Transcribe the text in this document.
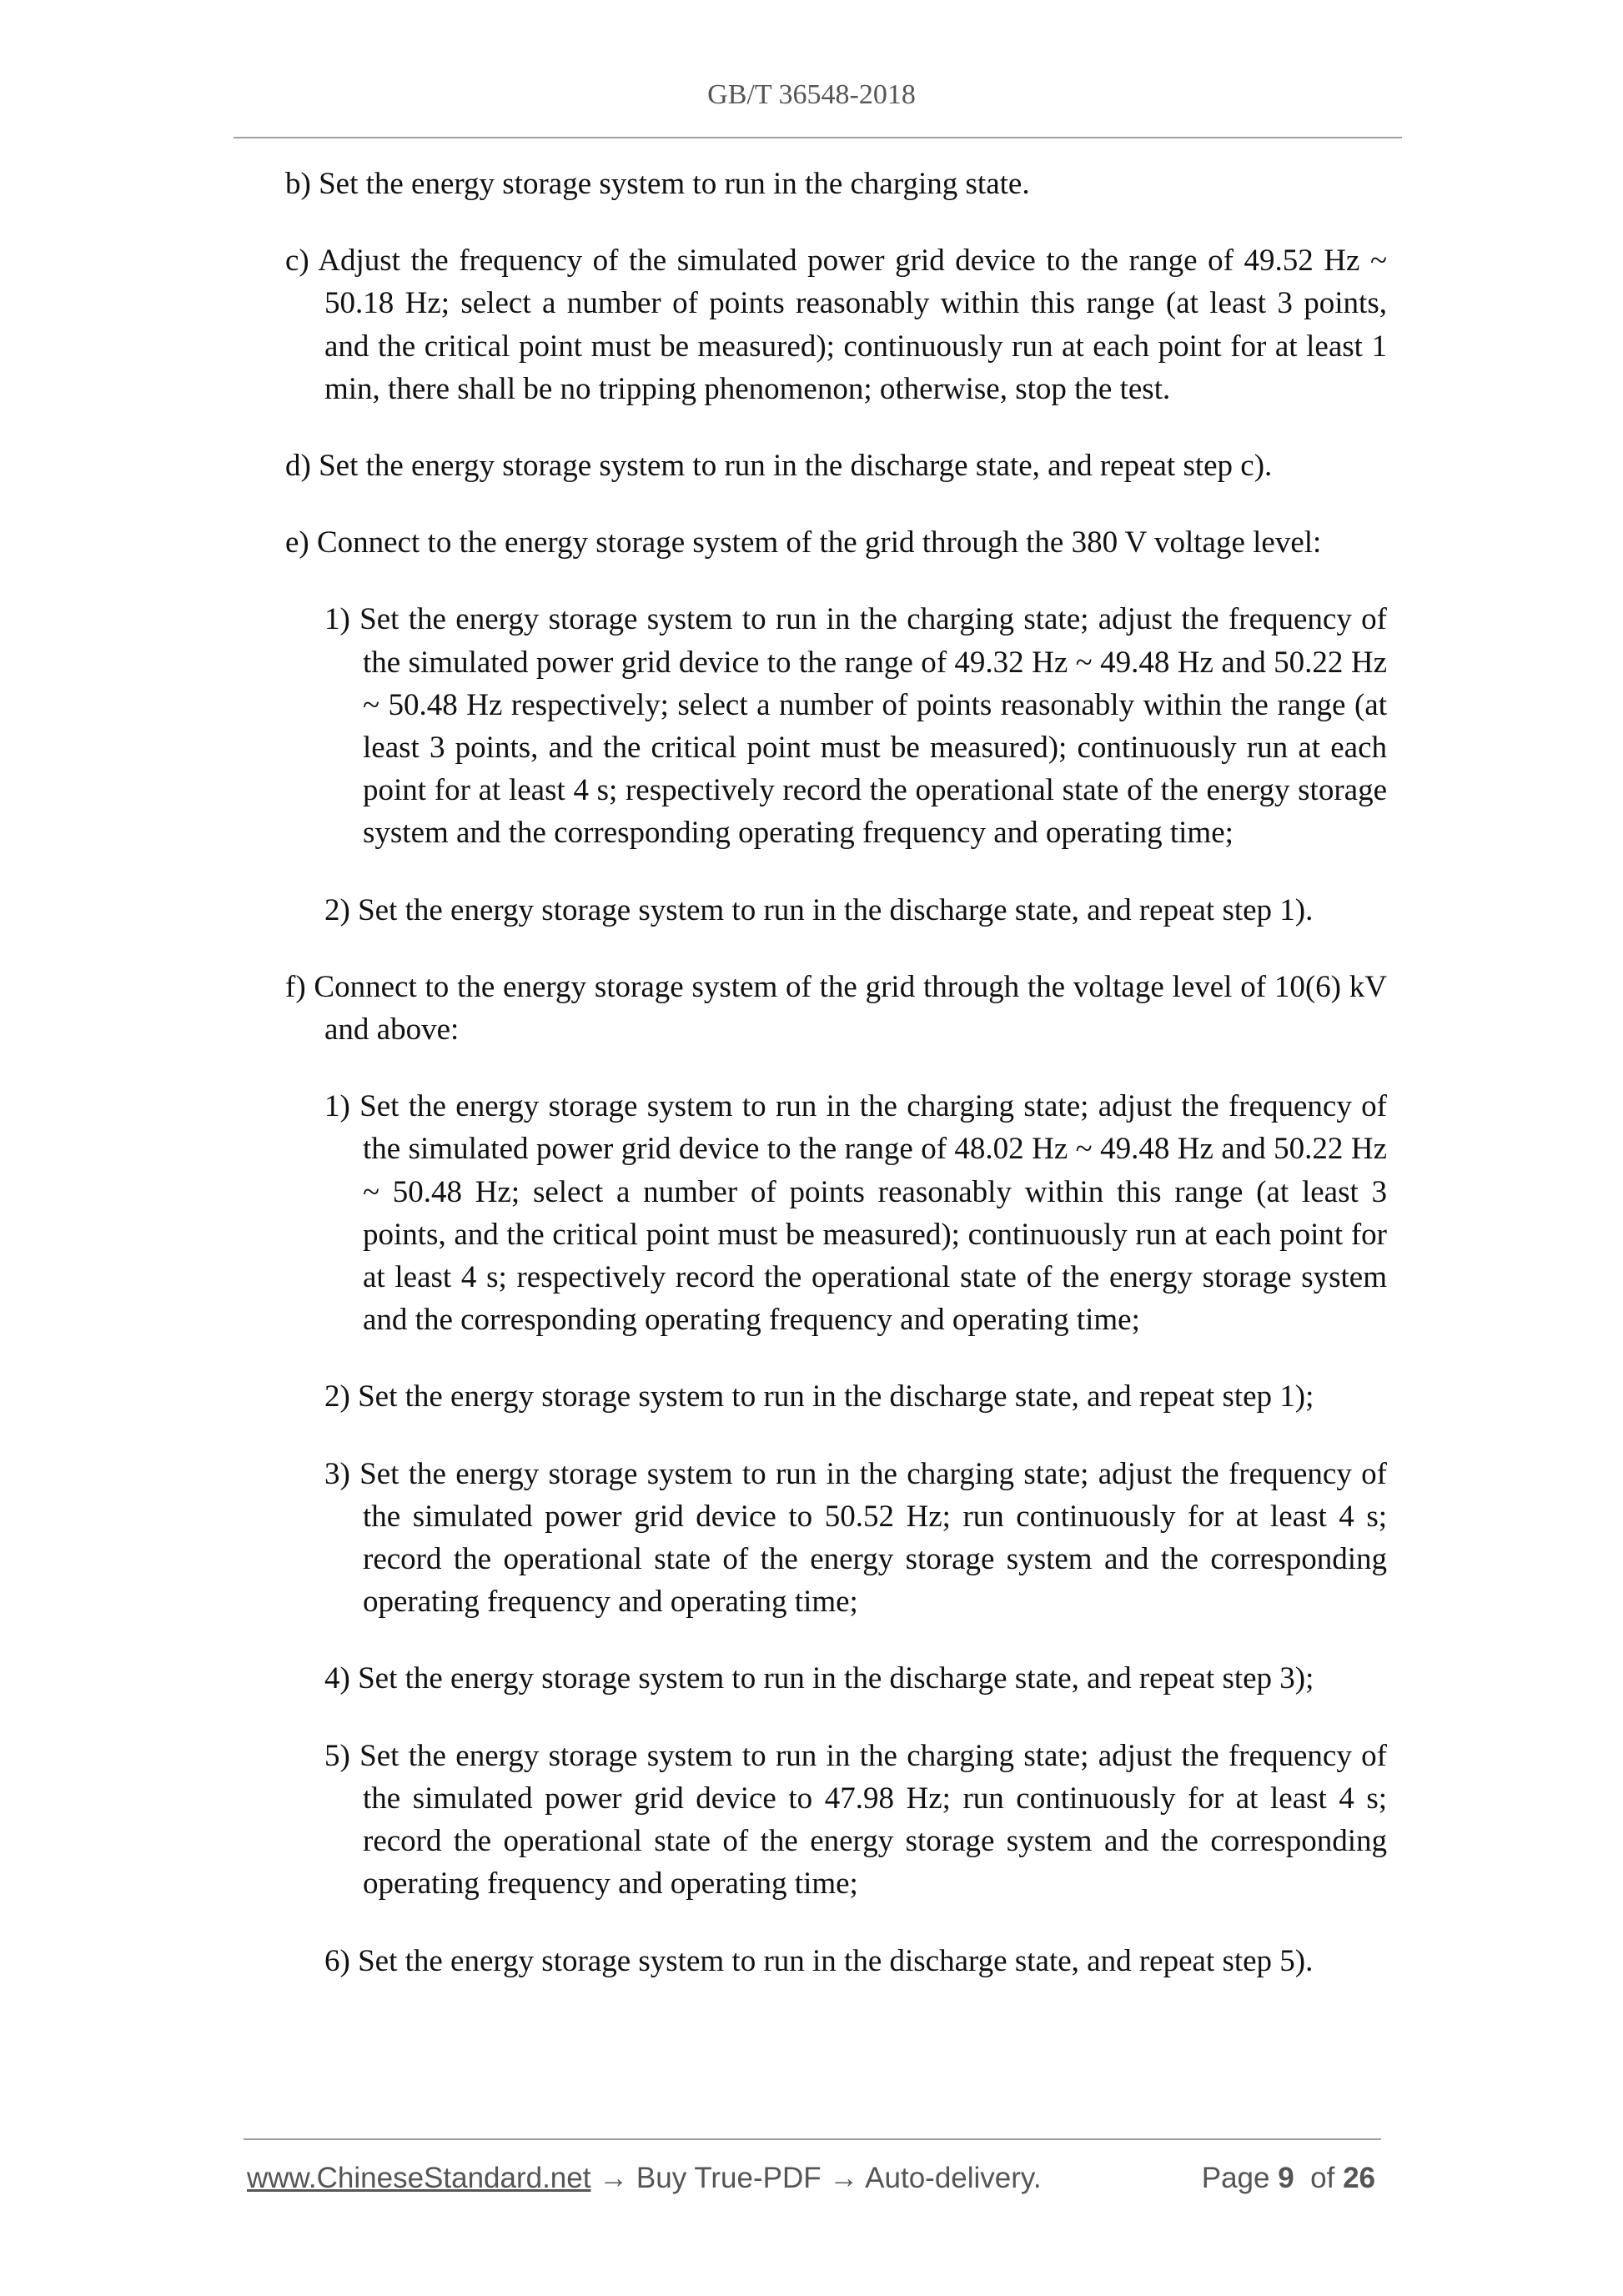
GB/T 36548-2018

b) Set the energy storage system to run in the charging state.

c) Adjust the frequency of the simulated power grid device to the range of 49.52 Hz ~ 50.18 Hz; select a number of points reasonably within this range (at least 3 points, and the critical point must be measured); continuously run at each point for at least 1 min, there shall be no tripping phenomenon; otherwise, stop the test.

d) Set the energy storage system to run in the discharge state, and repeat step c).

e) Connect to the energy storage system of the grid through the 380 V voltage level:

1) Set the energy storage system to run in the charging state; adjust the frequency of the simulated power grid device to the range of 49.32 Hz ~ 49.48 Hz and 50.22 Hz ~ 50.48 Hz respectively; select a number of points reasonably within the range (at least 3 points, and the critical point must be measured); continuously run at each point for at least 4 s; respectively record the operational state of the energy storage system and the corresponding operating frequency and operating time;

2) Set the energy storage system to run in the discharge state, and repeat step 1).

f) Connect to the energy storage system of the grid through the voltage level of 10(6) kV and above:

1) Set the energy storage system to run in the charging state; adjust the frequency of the simulated power grid device to the range of 48.02 Hz ~ 49.48 Hz and 50.22 Hz ~ 50.48 Hz; select a number of points reasonably within this range (at least 3 points, and the critical point must be measured); continuously run at each point for at least 4 s; respectively record the operational state of the energy storage system and the corresponding operating frequency and operating time;

2) Set the energy storage system to run in the discharge state, and repeat step 1);

3) Set the energy storage system to run in the charging state; adjust the frequency of the simulated power grid device to 50.52 Hz; run continuously for at least 4 s; record the operational state of the energy storage system and the corresponding operating frequency and operating time;

4) Set the energy storage system to run in the discharge state, and repeat step 3);

5) Set the energy storage system to run in the charging state; adjust the frequency of the simulated power grid device to 47.98 Hz; run continuously for at least 4 s; record the operational state of the energy storage system and the corresponding operating frequency and operating time;

6) Set the energy storage system to run in the discharge state, and repeat step 5).

www.ChineseStandard.net → Buy True-PDF → Auto-delivery.	Page 9 of 26
